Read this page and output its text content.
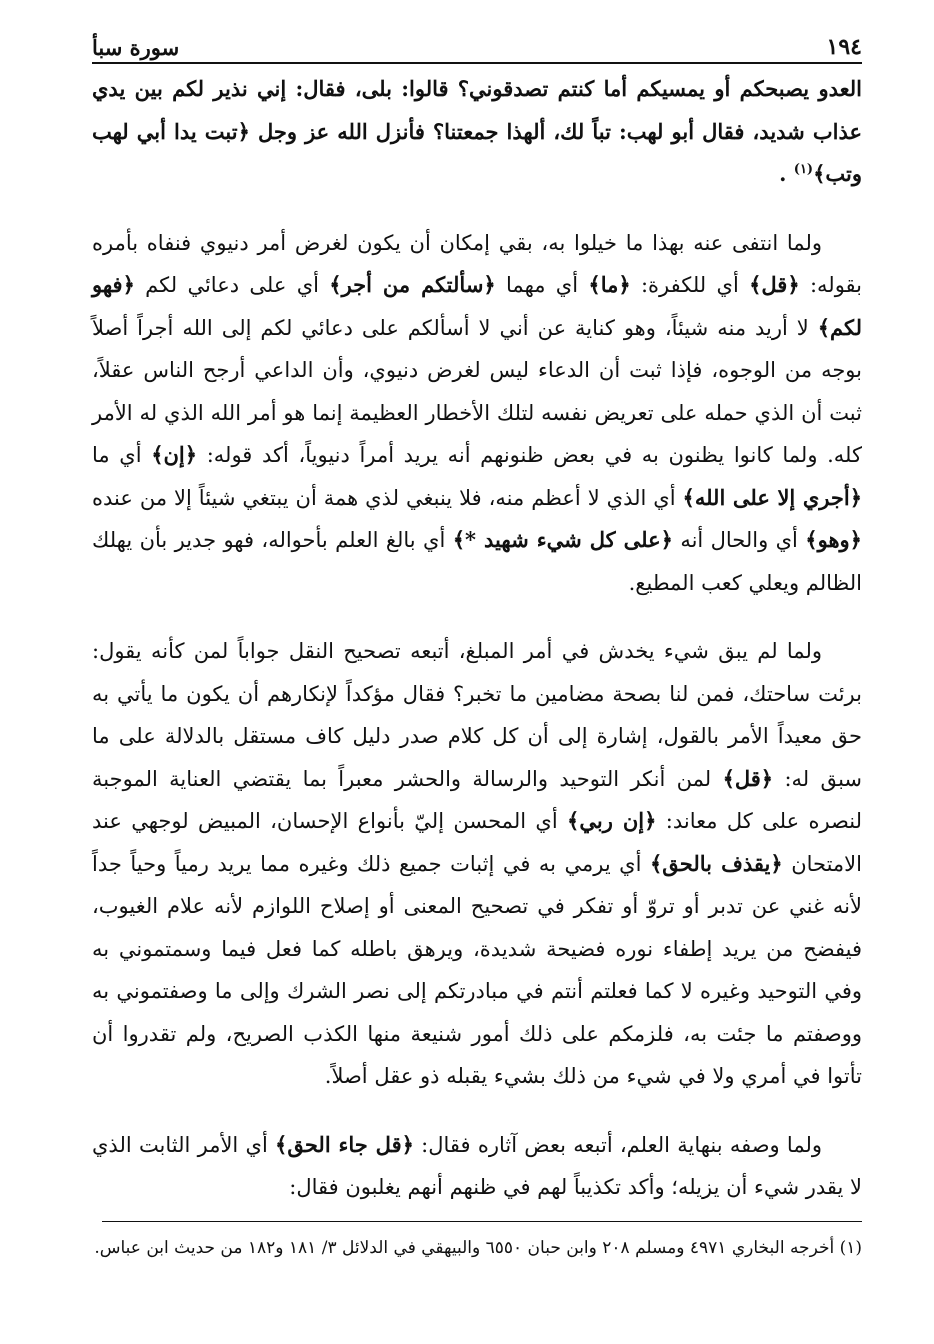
١٩٤
سورة سبأ

العدو يصبحكم أو يمسيكم أما كنتم تصدقوني؟ قالوا: بلى، فقال: إني نذير لكم بين يدي عذاب شديد، فقال أبو لهب: تباً لك، ألهذا جمعتنا؟ فأنزل الله عز وجل ﴿تبت يدا أبي لهب وتب﴾$^{(١)}$ .

ولما انتفى عنه بهذا ما خيلوا به، بقي إمكان أن يكون لغرض أمر دنيوي فنفاه بأمره بقوله: ﴿قل﴾ أي للكفرة: ﴿ما﴾ أي مهما ﴿سألتكم من أجر﴾ أي على دعائي لكم ﴿فهو لكم﴾ لا أريد منه شيئاً، وهو كناية عن أني لا أسألكم على دعائي لكم إلى الله أجراً أصلاً بوجه من الوجوه، فإذا ثبت أن الدعاء ليس لغرض دنيوي، وأن الداعي أرجح الناس عقلاً، ثبت أن الذي حمله على تعريض نفسه لتلك الأخطار العظيمة إنما هو أمر الله الذي له الأمر كله. ولما كانوا يظنون به في بعض ظنونهم أنه يريد أمراً دنيوياً، أكد قوله: ﴿إن﴾ أي ما ﴿أجري إلا على الله﴾ أي الذي لا أعظم منه، فلا ينبغي لذي همة أن يبتغي شيئاً إلا من عنده ﴿وهو﴾ أي والحال أنه ﴿على كل شيء شهيد *﴾ أي بالغ العلم بأحواله، فهو جدير بأن يهلك الظالم ويعلي كعب المطيع.

ولما لم يبق شيء يخدش في أمر المبلغ، أتبعه تصحيح النقل جواباً لمن كأنه يقول: برئت ساحتك، فمن لنا بصحة مضامين ما تخبر؟ فقال مؤكداً لإنكارهم أن يكون ما يأتي به حق معيداً الأمر بالقول، إشارة إلى أن كل كلام صدر دليل كاف مستقل بالدلالة على ما سبق له: ﴿قل﴾ لمن أنكر التوحيد والرسالة والحشر معبراً بما يقتضي العناية الموجبة لنصره على كل معاند: ﴿إن ربي﴾ أي المحسن إليّ بأنواع الإحسان، المبيض لوجهي عند الامتحان ﴿يقذف بالحق﴾ أي يرمي به في إثبات جميع ذلك وغيره مما يريد رمياً وحياً جداً لأنه غني عن تدبر أو تروّ أو تفكر في تصحيح المعنى أو إصلاح اللوازم لأنه علام الغيوب، فيفضح من يريد إطفاء نوره فضيحة شديدة، ويرهق باطله كما فعل فيما وسمتموني به وفي التوحيد وغيره لا كما فعلتم أنتم في مبادرتكم إلى نصر الشرك وإلى ما وصفتموني به ووصفتم ما جئت به، فلزمكم على ذلك أمور شنيعة منها الكذب الصريح، ولم تقدروا أن تأتوا في أمري ولا في شيء من ذلك بشيء يقبله ذو عقل أصلاً.

ولما وصفه بنهاية العلم، أتبعه بعض آثاره فقال: ﴿قل جاء الحق﴾ أي الأمر الثابت الذي لا يقدر شيء أن يزيله؛ وأكد تكذيباً لهم في ظنهم أنهم يغلبون فقال:

(١) أخرجه البخاري ٤٩٧١ ومسلم ٢٠٨ وابن حبان ٦٥٥٠ والبيهقي في الدلائل ٣/ ١٨١ و١٨٢ من حديث ابن عباس.
